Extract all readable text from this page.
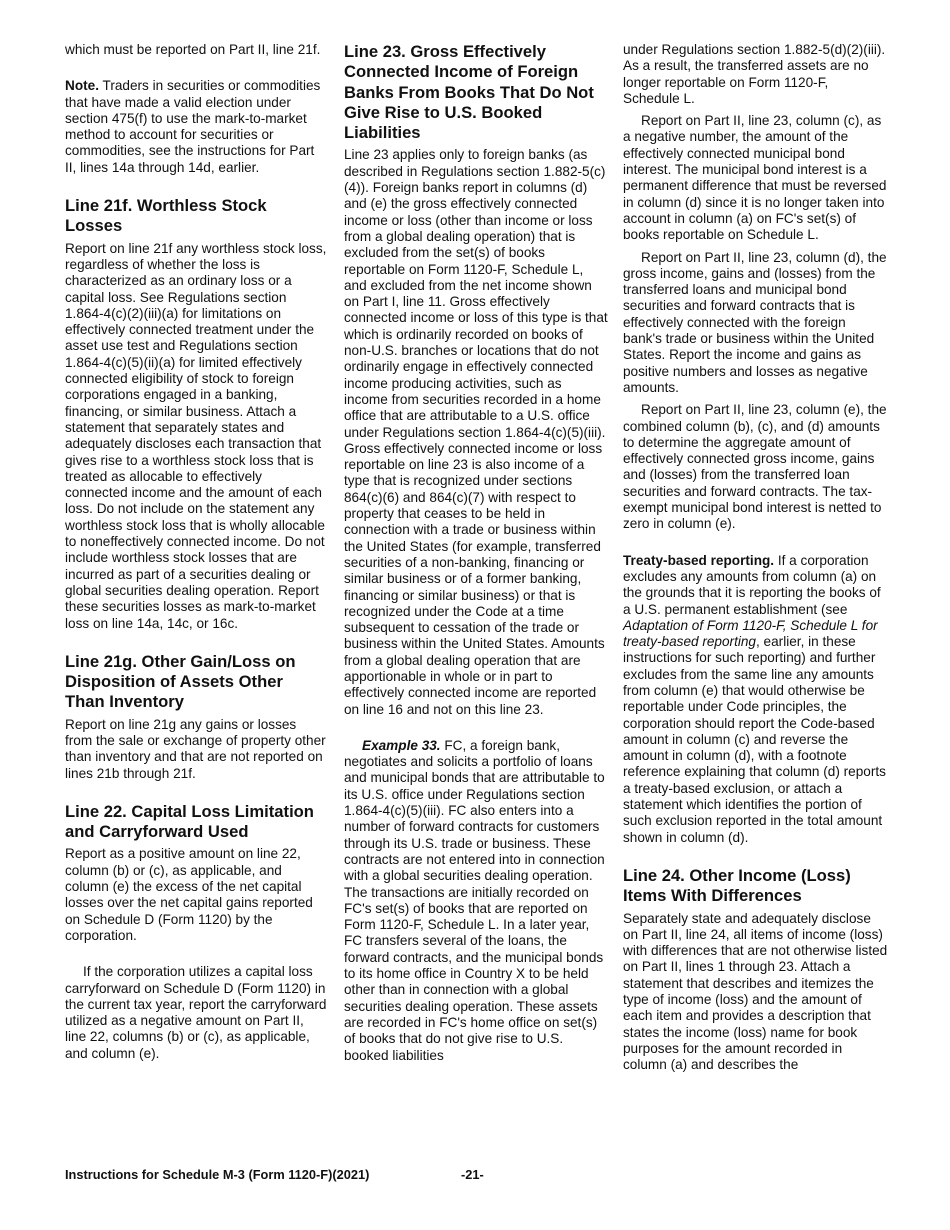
which must be reported on Part II, line 21f.

Note. Traders in securities or commodities that have made a valid election under section 475(f) to use the mark-to-market method to account for securities or commodities, see the instructions for Part II, lines 14a through 14d, earlier.

Line 21f. Worthless Stock Losses

Report on line 21f any worthless stock loss, regardless of whether the loss is characterized as an ordinary loss or a capital loss. See Regulations section 1.864-4(c)(2)(iii)(a) for limitations on effectively connected treatment under the asset use test and Regulations section 1.864-4(c)(5)(ii)(a) for limited effectively connected eligibility of stock to foreign corporations engaged in a banking, financing, or similar business. Attach a statement that separately states and adequately discloses each transaction that gives rise to a worthless stock loss that is treated as allocable to effectively connected income and the amount of each loss. Do not include on the statement any worthless stock loss that is wholly allocable to noneffectively connected income. Do not include worthless stock losses that are incurred as part of a securities dealing or global securities dealing operation. Report these securities losses as mark-to-market loss on line 14a, 14c, or 16c.

Line 21g. Other Gain/Loss on Disposition of Assets Other Than Inventory

Report on line 21g any gains or losses from the sale or exchange of property other than inventory and that are not reported on lines 21b through 21f.

Line 22. Capital Loss Limitation and Carryforward Used

Report as a positive amount on line 22, column (b) or (c), as applicable, and column (e) the excess of the net capital losses over the net capital gains reported on Schedule D (Form 1120) by the corporation.

If the corporation utilizes a capital loss carryforward on Schedule D (Form 1120) in the current tax year, report the carryforward utilized as a negative amount on Part II, line 22, columns (b) or (c), as applicable, and column (e).

Line 23. Gross Effectively Connected Income of Foreign Banks From Books That Do Not Give Rise to U.S. Booked Liabilities

Line 23 applies only to foreign banks (as described in Regulations section 1.882-5(c)(4)). Foreign banks report in columns (d) and (e) the gross effectively connected income or loss (other than income or loss from a global dealing operation) that is excluded from the set(s) of books reportable on Form 1120-F, Schedule L, and excluded from the net income shown on Part I, line 11. Gross effectively connected income or loss of this type is that which is ordinarily recorded on books of non-U.S. branches or locations that do not ordinarily engage in effectively connected income producing activities, such as income from securities recorded in a home office that are attributable to a U.S. office under Regulations section 1.864-4(c)(5)(iii). Gross effectively connected income or loss reportable on line 23 is also income of a type that is recognized under sections 864(c)(6) and 864(c)(7) with respect to property that ceases to be held in connection with a trade or business within the United States (for example, transferred securities of a non-banking, financing or similar business or of a former banking, financing or similar business) or that is recognized under the Code at a time subsequent to cessation of the trade or business within the United States. Amounts from a global dealing operation that are apportionable in whole or in part to effectively connected income are reported on line 16 and not on this line 23.

Example 33. FC, a foreign bank, negotiates and solicits a portfolio of loans and municipal bonds that are attributable to its U.S. office under Regulations section 1.864-4(c)(5)(iii). FC also enters into a number of forward contracts for customers through its U.S. trade or business. These contracts are not entered into in connection with a global securities dealing operation. The transactions are initially recorded on FC's set(s) of books that are reported on Form 1120-F, Schedule L. In a later year, FC transfers several of the loans, the forward contracts, and the municipal bonds to its home office in Country X to be held other than in connection with a global securities dealing operation. These assets are recorded in FC's home office on set(s) of books that do not give rise to U.S. booked liabilities

under Regulations section 1.882-5(d)(2)(iii). As a result, the transferred assets are no longer reportable on Form 1120-F, Schedule L.

Report on Part II, line 23, column (c), as a negative number, the amount of the effectively connected municipal bond interest. The municipal bond interest is a permanent difference that must be reversed in column (d) since it is no longer taken into account in column (a) on FC's set(s) of books reportable on Schedule L.

Report on Part II, line 23, column (d), the gross income, gains and (losses) from the transferred loans and municipal bond securities and forward contracts that is effectively connected with the foreign bank's trade or business within the United States. Report the income and gains as positive numbers and losses as negative amounts.

Report on Part II, line 23, column (e), the combined column (b), (c), and (d) amounts to determine the aggregate amount of effectively connected gross income, gains and (losses) from the transferred loan securities and forward contracts. The tax-exempt municipal bond interest is netted to zero in column (e).

Treaty-based reporting. If a corporation excludes any amounts from column (a) on the grounds that it is reporting the books of a U.S. permanent establishment (see Adaptation of Form 1120-F, Schedule L for treaty-based reporting, earlier, in these instructions for such reporting) and further excludes from the same line any amounts from column (e) that would otherwise be reportable under Code principles, the corporation should report the Code-based amount in column (c) and reverse the amount in column (d), with a footnote reference explaining that column (d) reports a treaty-based exclusion, or attach a statement which identifies the portion of such exclusion reported in the total amount shown in column (d).

Line 24. Other Income (Loss) Items With Differences

Separately state and adequately disclose on Part II, line 24, all items of income (loss) with differences that are not otherwise listed on Part II, lines 1 through 23. Attach a statement that describes and itemizes the type of income (loss) and the amount of each item and provides a description that states the income (loss) name for book purposes for the amount recorded in column (a) and describes the

Instructions for Schedule M-3 (Form 1120-F)(2021)	-21-
